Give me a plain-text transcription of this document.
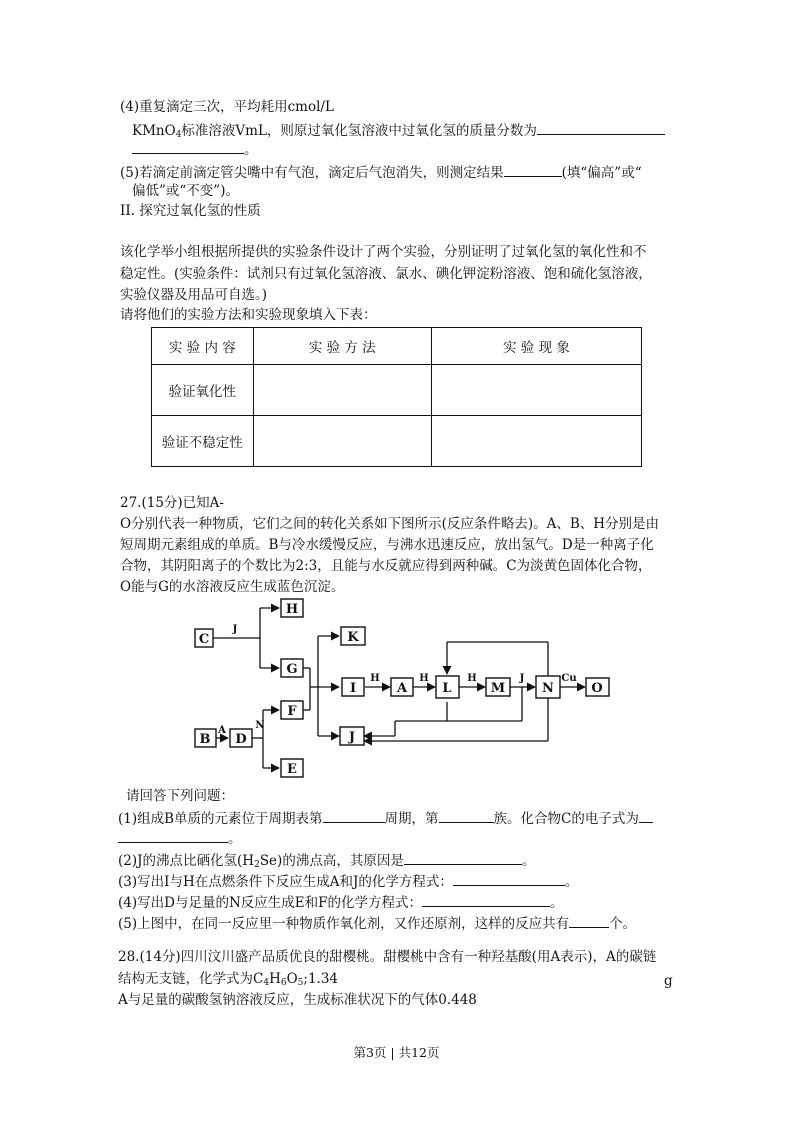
(4)重复滴定三次，平均耗用cmol/L
KMnO$_4$标准溶液VmL，则原过氧化氢溶液中过氧化氢的质量分数为
。
(5)若滴定前滴定管尖嘴中有气泡，滴定后气泡消失，则测定结果	(填“偏高”或“
偏低”或“不变”)。
II. 探究过氧化氢的性质
该化学举小组根据所提供的实验条件设计了两个实验，分别证明了过氧化氢的氧化性和不
稳定性。(实验条件：试剂只有过氧化氢溶液、氯水、碘化钾淀粉溶液、饱和硫化氢溶液，
实验仪器及用品可自选。)
请将他们的实验方法和实验现象填入下表：
实 验 内 容	实 验 方 法	实 验 现 象
验证氧化性		
验证不稳定性		
27.(15分)已知A-
O分别代表一种物质，它们之间的转化关系如下图所示(反应条件略去)。A、B、H分别是由
短周期元素组成的单质。B与冷水缓慢反应，与沸水迅速反应，放出氢气。D是一种离子化
合物，其阴阳离子的个数比为2:3，且能与水反就应得到两种碱。C为淡黄色固体化合物，
O能与G的水溶液反应生成蓝色沉淀。
C
H
G
K
I	A	L	M	N	O
F
J
B D
E
J
H	H	H	J	Cu
A	N
请回答下列问题：
(1)组成B单质的元素位于周期表第	周期，第	族。化合物C的电子式为
。
(2)J的沸点比硒化氢$(H_2Se)$的沸点高，其原因是	。
(3)写出I与H在点燃条件下反应生成A和J的化学方程式：	。
(4)写出D与足量的N反应生成E和F的化学方程式：	。
(5)上图中，在同一反应里一种物质作氧化剂，又作还原剂，这样的反应共有	个。
28.(14分)四川汶川盛产品质优良的甜樱桃。甜樱桃中含有一种羟基酸(用A表示)，A的碳链
结构无支链，化学式为$C_4H_6O_5;1.34$	g
A与足量的碳酸氢钠溶液反应，生成标准状况下的气体0.448
第3页 | 共12页
